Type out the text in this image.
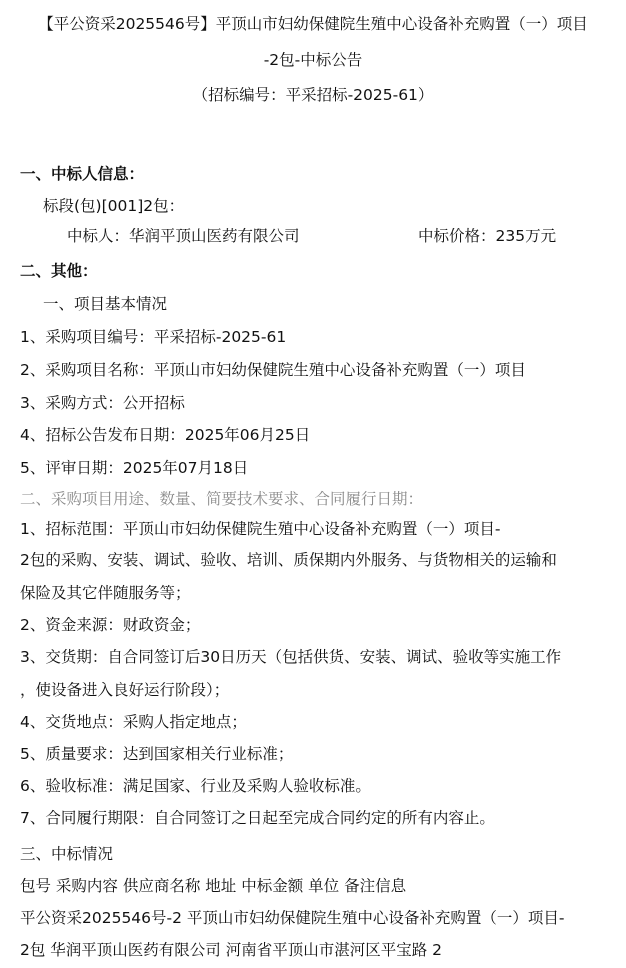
【平公资采2025546号】平顶山市妇幼保健院生殖中心设备补充购置（一）项目
-2包-中标公告
（招标编号：平采招标-2025-61）
一、中标人信息：
标段(包)[001]2包：
中标人：华润平顶山医药有限公司	中标价格：235万元
二、其他：
一、项目基本情况
1、采购项目编号：平采招标-2025-61
2、采购项目名称：平顶山市妇幼保健院生殖中心设备补充购置（一）项目
3、采购方式：公开招标
4、招标公告发布日期：2025年06月25日
5、评审日期：2025年07月18日
二、采购项目用途、数量、简要技术要求、合同履行日期：
1、招标范围：平顶山市妇幼保健院生殖中心设备补充购置（一）项目-
2包的采购、安装、调试、验收、培训、质保期内外服务、与货物相关的运输和
保险及其它伴随服务等；
2、资金来源：财政资金；
3、交货期：自合同签订后30日历天（包括供货、安装、调试、验收等实施工作
，使设备进入良好运行阶段）；
4、交货地点：采购人指定地点；
5、质量要求：达到国家相关行业标准；
6、验收标准：满足国家、行业及采购人验收标准。
7、合同履行期限：自合同签订之日起至完成合同约定的所有内容止。
三、中标情况
包号 采购内容 供应商名称 地址 中标金额 单位 备注信息
平公资采2025546号-2 平顶山市妇幼保健院生殖中心设备补充购置（一）项目-
2包 华润平顶山医药有限公司 河南省平顶山市湛河区平宝路 2
